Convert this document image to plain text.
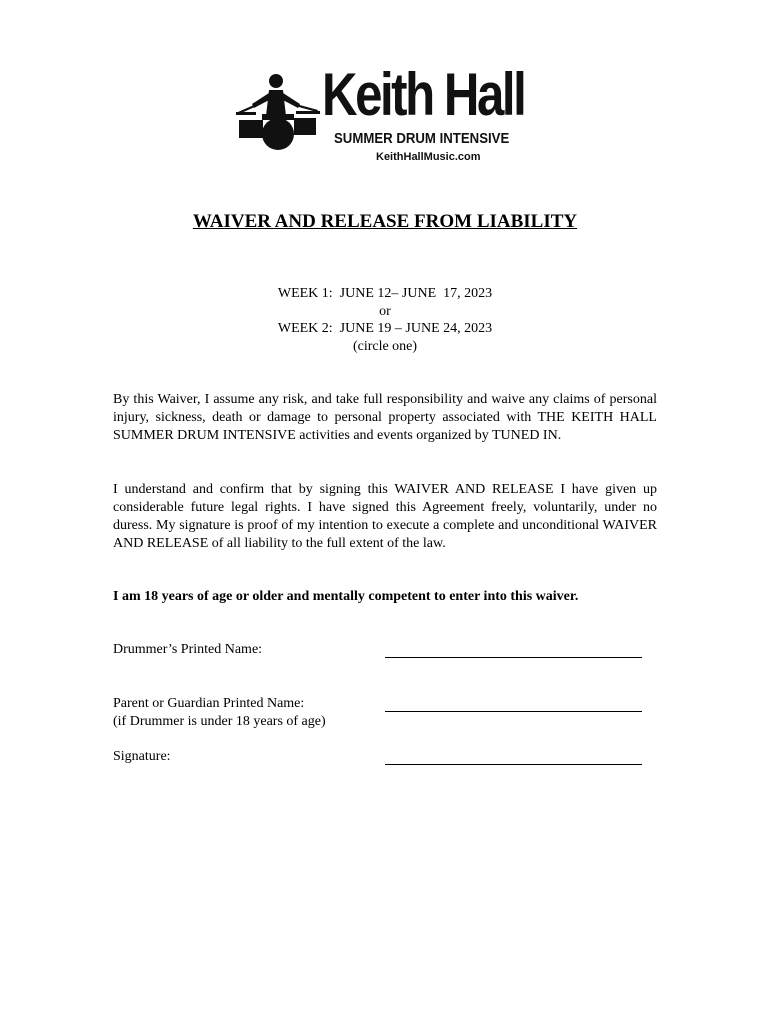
Keith Hall
SUMMER DRUM INTENSIVE
KeithHallMusic.com
WAIVER AND RELEASE FROM LIABILITY
WEEK 1:  JUNE 12– JUNE  17, 2023
or
WEEK 2:  JUNE 19 – JUNE 24, 2023
(circle one)

By this Waiver, I assume any risk, and take full responsibility and waive any claims of personal injury, sickness, death or damage to personal property associated with THE KEITH HALL SUMMER DRUM INTENSIVE activities and events organized by TUNED IN.

I understand and confirm that by signing this WAIVER AND RELEASE I have given up considerable future legal rights. I have signed this Agreement freely, voluntarily, under no duress. My signature is proof of my intention to execute a complete and unconditional WAIVER AND RELEASE of all liability to the full extent of the law.

I am 18 years of age or older and mentally competent to enter into this waiver.
Drummer’s Printed Name:
Parent or Guardian Printed Name:
(if Drummer is under 18 years of age)
Signature:
